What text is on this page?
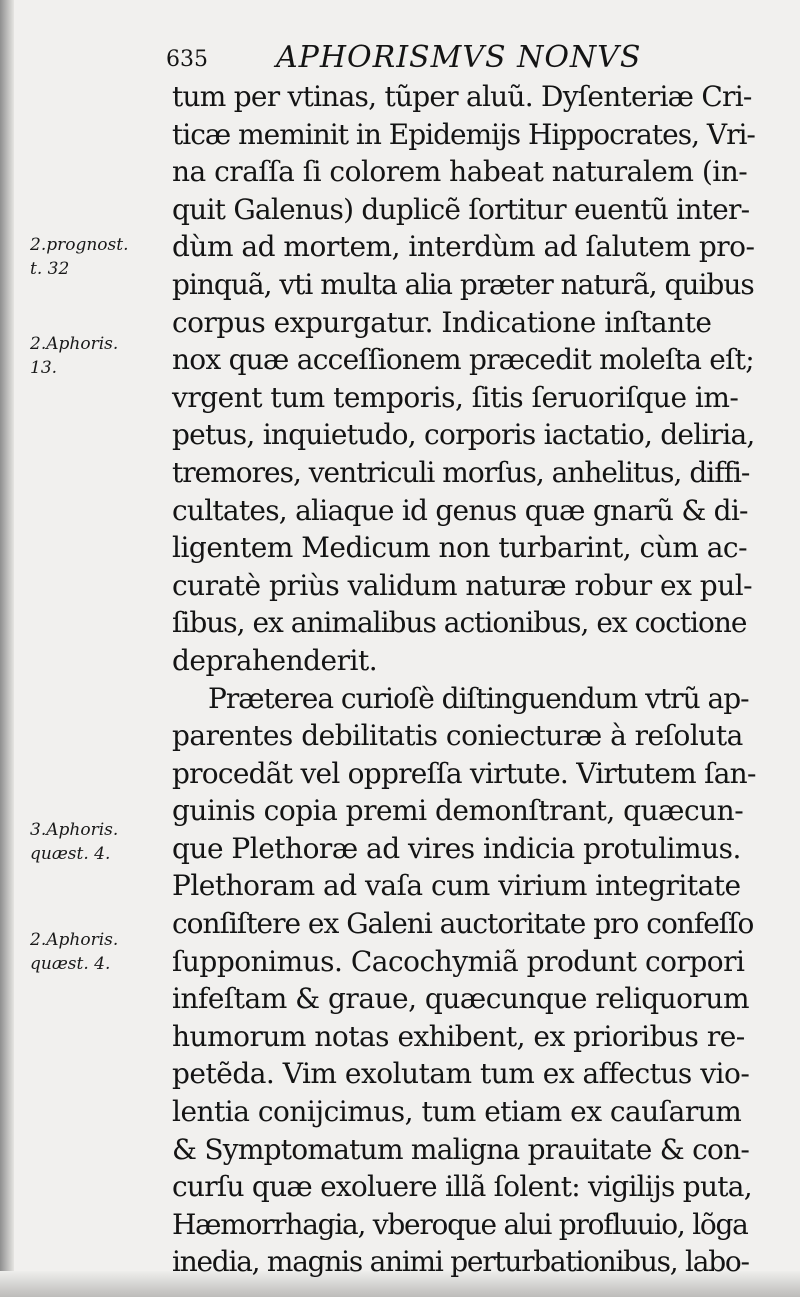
635 APHORISMVS NONVS
2.prognost.
t. 32
2.Aphoris.
13.
3.Aphoris.
quæst. 4.
2.Aphoris.
quæst. 4.
tum per vtinas, tũper aluũ. Dyſenteriæ Cri-
ticæ meminit in Epidemijs Hippocrates, Vri-
na craſſa ſi colorem habeat naturalem (in-
quit Galenus) duplicẽ ſortitur euentũ inter-
dùm ad mortem, interdùm ad ſalutem pro-
pinquã, vti multa alia præter naturã, quibus
corpus expurgatur. Indicatione inſtante
nox quæ acceſſionem præcedit moleſta eſt;
vrgent tum temporis, ſitis ſeruoriſque im-
petus, inquietudo, corporis iactatio, deliria,
tremores, ventriculi morſus, anhelitus, diffi-
cultates, aliaque id genus quæ gnarũ & di-
ligentem Medicum non turbarint, cùm ac-
curatè priùs validum naturæ robur ex pul-
ſibus, ex animalibus actionibus, ex coctione
deprahenderit.
Præterea curioſè diſtinguendum vtrũ ap-
parentes debilitatis coniecturæ à reſoluta
procedãt vel oppreſſa virtute. Virtutem ſan-
guinis copia premi demonſtrant, quæcun-
que Plethoræ ad vires indicia protulimus.
Plethoram ad vaſa cum virium integritate
conſiſtere ex Galeni auctoritate pro confeſſo
ſupponimus. Cacochymiã produnt corpori
infeſtam & graue, quæcunque reliquorum
humorum notas exhibent, ex prioribus re-
petẽda. Vim exolutam tum ex affectus vio-
lentia conijcimus, tum etiam ex cauſarum
& Symptomatum maligna prauitate & con-
curſu quæ exoluere illã ſolent: vigilijs puta,
Hæmorrhagia, vberoque alui profluuio, lõga
inedia, magnis animi perturbationibus, labo-
